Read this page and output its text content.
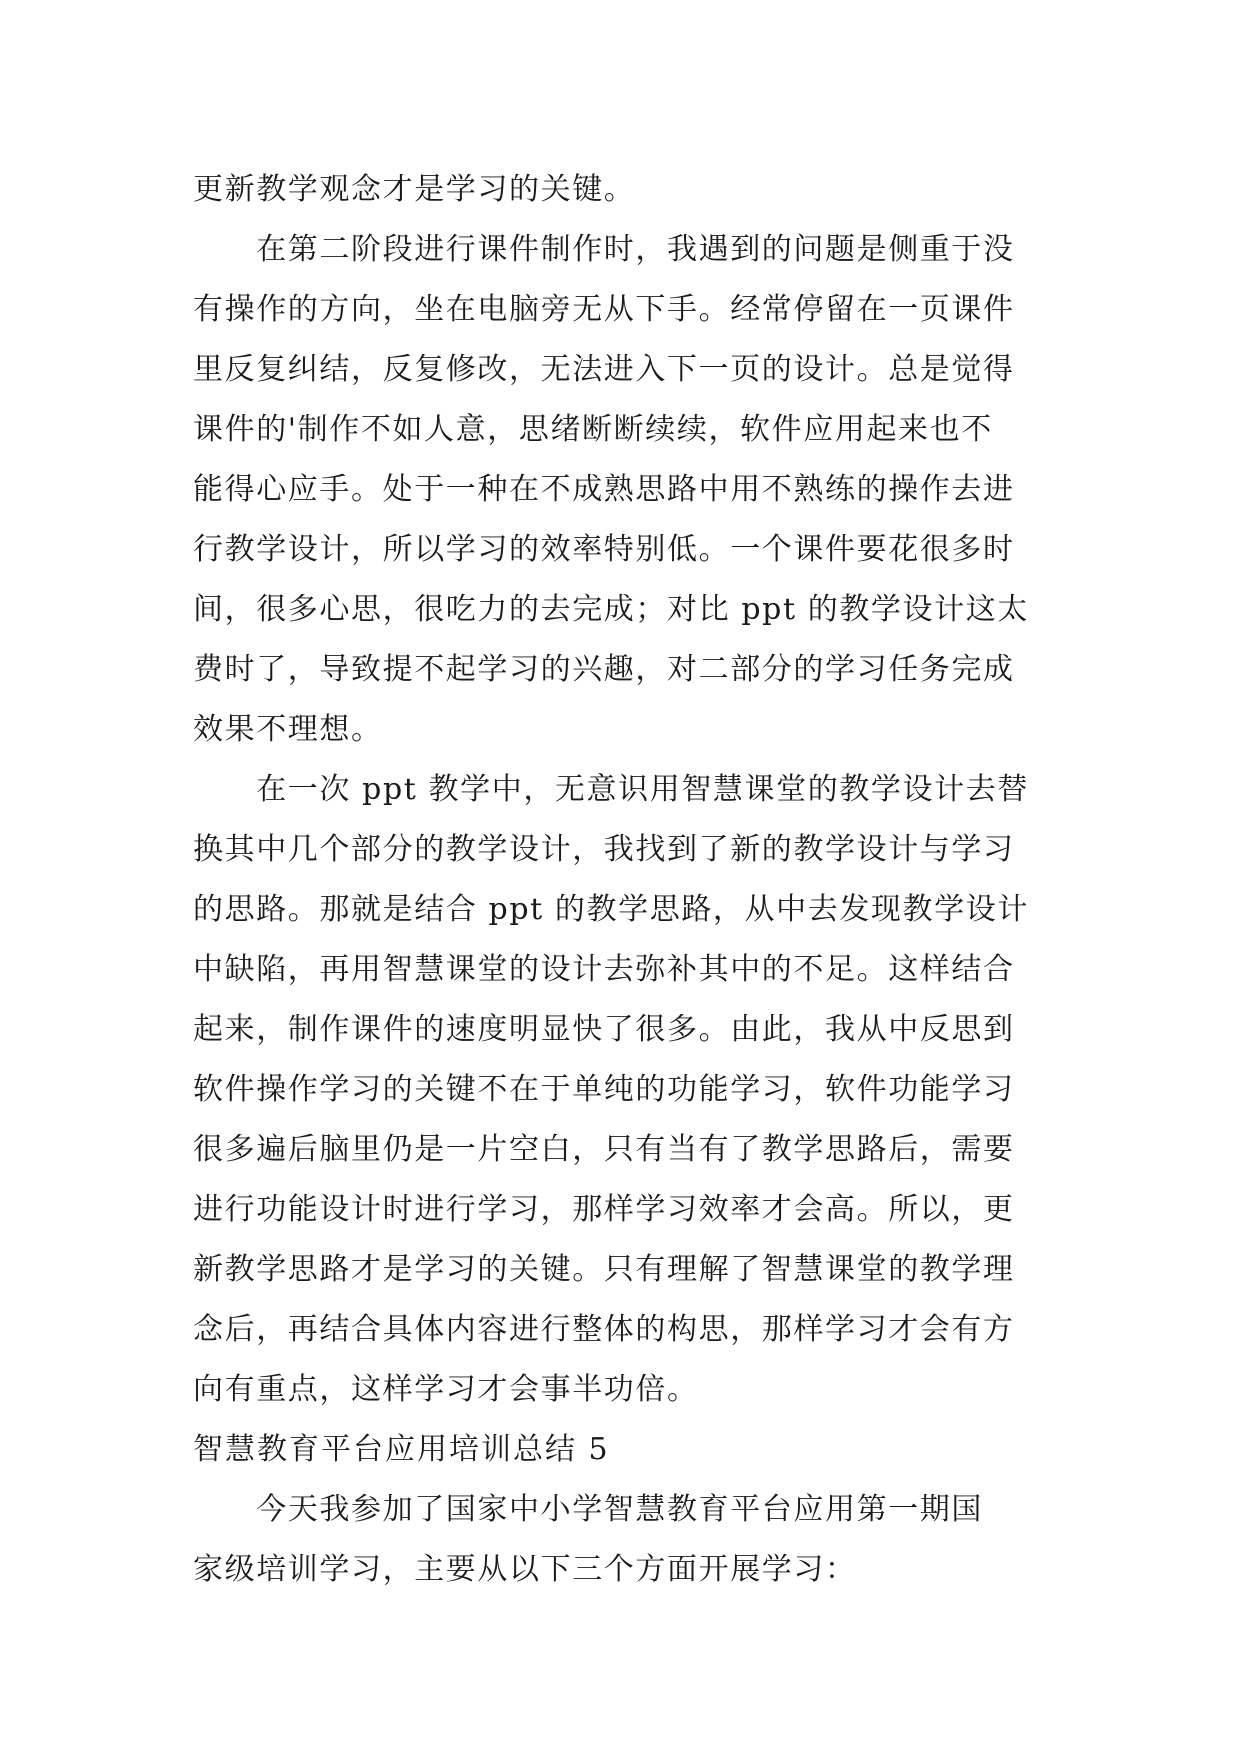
更新教学观念才是学习的关键。
　　在第二阶段进行课件制作时，我遇到的问题是侧重于没
有操作的方向，坐在电脑旁无从下手。经常停留在一页课件
里反复纠结，反复修改，无法进入下一页的设计。总是觉得
课件的'制作不如人意，思绪断断续续，软件应用起来也不
能得心应手。处于一种在不成熟思路中用不熟练的操作去进
行教学设计，所以学习的效率特别低。一个课件要花很多时
间，很多心思，很吃力的去完成；对比 ppt 的教学设计这太
费时了，导致提不起学习的兴趣，对二部分的学习任务完成
效果不理想。
　　在一次 ppt 教学中，无意识用智慧课堂的教学设计去替
换其中几个部分的教学设计，我找到了新的教学设计与学习
的思路。那就是结合 ppt 的教学思路，从中去发现教学设计
中缺陷，再用智慧课堂的设计去弥补其中的不足。这样结合
起来，制作课件的速度明显快了很多。由此，我从中反思到
软件操作学习的关键不在于单纯的功能学习，软件功能学习
很多遍后脑里仍是一片空白，只有当有了教学思路后，需要
进行功能设计时进行学习，那样学习效率才会高。所以，更
新教学思路才是学习的关键。只有理解了智慧课堂的教学理
念后，再结合具体内容进行整体的构思，那样学习才会有方
向有重点，这样学习才会事半功倍。
智慧教育平台应用培训总结 5
　　今天我参加了国家中小学智慧教育平台应用第一期国
家级培训学习，主要从以下三个方面开展学习：
